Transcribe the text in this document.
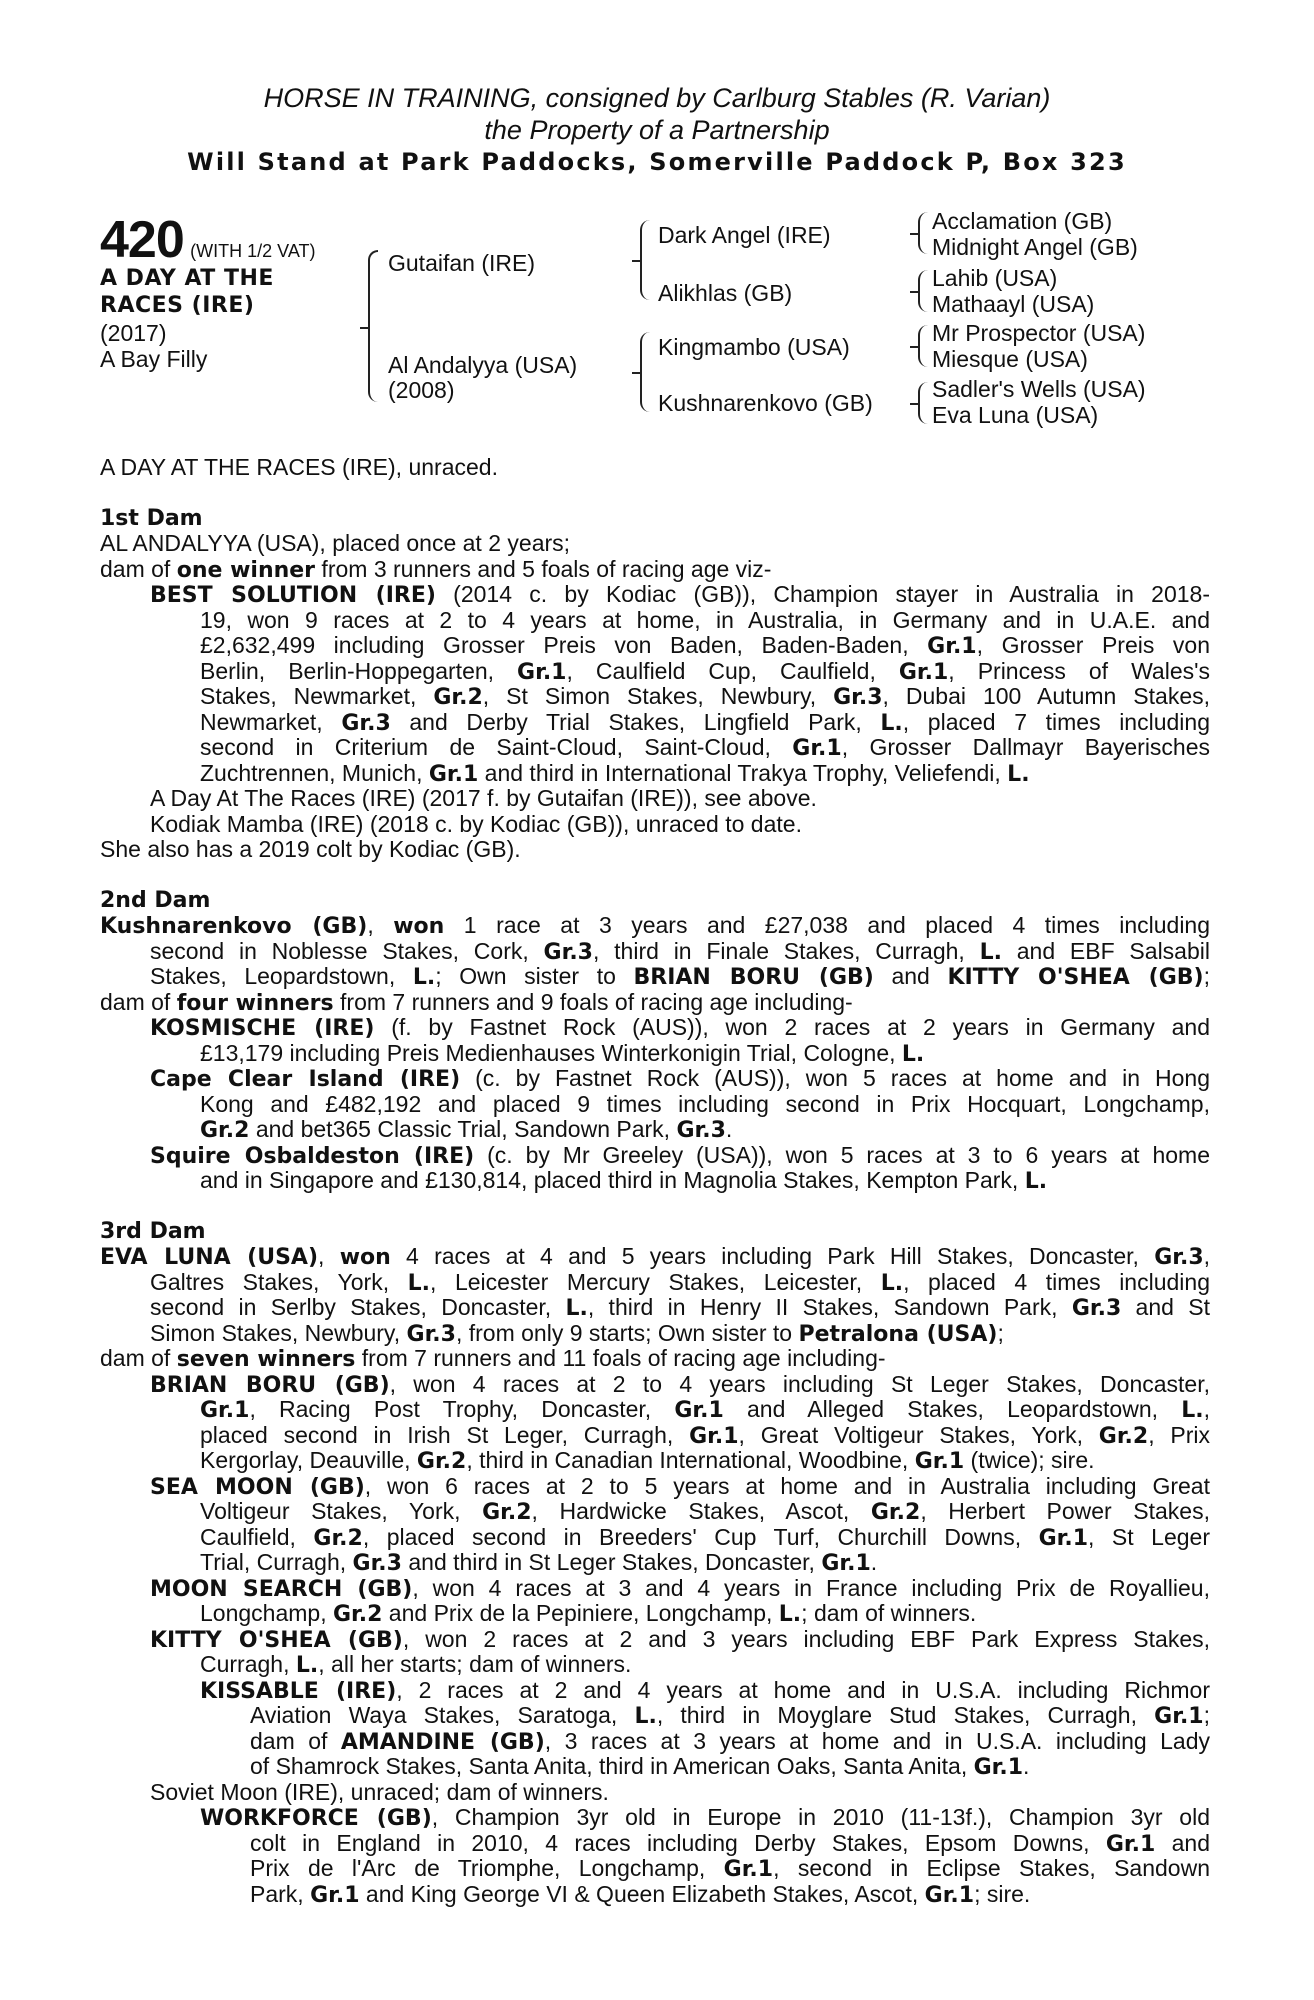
HORSE IN TRAINING, consigned by Carlburg Stables (R. Varian)
the Property of a Partnership
Will Stand at Park Paddocks, Somerville Paddock P, Box 323
420 (WITH 1/2 VAT)
A DAY AT THE
RACES (IRE)
(2017)
A Bay Filly
Gutaifan (IRE)
Al Andalyya (USA)
(2008)
Dark Angel (IRE)
Alikhlas (GB)
Kingmambo (USA)
Kushnarenkovo (GB)
Acclamation (GB)
Midnight Angel (GB)
Lahib (USA)
Mathaayl (USA)
Mr Prospector (USA)
Miesque (USA)
Sadler's Wells (USA)
Eva Luna (USA)
A DAY AT THE RACES (IRE), unraced.
1st Dam
AL ANDALYYA (USA), placed once at 2 years;
dam of one winner from 3 runners and 5 foals of racing age viz-
BEST SOLUTION (IRE) (2014 c. by Kodiac (GB)), Champion stayer in Australia in 2018-
19, won 9 races at 2 to 4 years at home, in Australia, in Germany and in U.A.E. and
£2,632,499 including Grosser Preis von Baden, Baden-Baden, Gr.1, Grosser Preis von
Berlin, Berlin-Hoppegarten, Gr.1, Caulfield Cup, Caulfield, Gr.1, Princess of Wales's
Stakes, Newmarket, Gr.2, St Simon Stakes, Newbury, Gr.3, Dubai 100 Autumn Stakes,
Newmarket, Gr.3 and Derby Trial Stakes, Lingfield Park, L., placed 7 times including
second in Criterium de Saint-Cloud, Saint-Cloud, Gr.1, Grosser Dallmayr Bayerisches
Zuchtrennen, Munich, Gr.1 and third in International Trakya Trophy, Veliefendi, L.
A Day At The Races (IRE) (2017 f. by Gutaifan (IRE)), see above.
Kodiak Mamba (IRE) (2018 c. by Kodiac (GB)), unraced to date.
She also has a 2019 colt by Kodiac (GB).
2nd Dam
Kushnarenkovo (GB), won 1 race at 3 years and £27,038 and placed 4 times including
second in Noblesse Stakes, Cork, Gr.3, third in Finale Stakes, Curragh, L. and EBF Salsabil
Stakes, Leopardstown, L.; Own sister to BRIAN BORU (GB) and KITTY O'SHEA (GB);
dam of four winners from 7 runners and 9 foals of racing age including-
KOSMISCHE (IRE) (f. by Fastnet Rock (AUS)), won 2 races at 2 years in Germany and
£13,179 including Preis Medienhauses Winterkonigin Trial, Cologne, L.
Cape Clear Island (IRE) (c. by Fastnet Rock (AUS)), won 5 races at home and in Hong
Kong and £482,192 and placed 9 times including second in Prix Hocquart, Longchamp,
Gr.2 and bet365 Classic Trial, Sandown Park, Gr.3.
Squire Osbaldeston (IRE) (c. by Mr Greeley (USA)), won 5 races at 3 to 6 years at home
and in Singapore and £130,814, placed third in Magnolia Stakes, Kempton Park, L.
3rd Dam
EVA LUNA (USA), won 4 races at 4 and 5 years including Park Hill Stakes, Doncaster, Gr.3,
Galtres Stakes, York, L., Leicester Mercury Stakes, Leicester, L., placed 4 times including
second in Serlby Stakes, Doncaster, L., third in Henry II Stakes, Sandown Park, Gr.3 and St
Simon Stakes, Newbury, Gr.3, from only 9 starts; Own sister to Petralona (USA);
dam of seven winners from 7 runners and 11 foals of racing age including-
BRIAN BORU (GB), won 4 races at 2 to 4 years including St Leger Stakes, Doncaster,
Gr.1, Racing Post Trophy, Doncaster, Gr.1 and Alleged Stakes, Leopardstown, L.,
placed second in Irish St Leger, Curragh, Gr.1, Great Voltigeur Stakes, York, Gr.2, Prix
Kergorlay, Deauville, Gr.2, third in Canadian International, Woodbine, Gr.1 (twice); sire.
SEA MOON (GB), won 6 races at 2 to 5 years at home and in Australia including Great
Voltigeur Stakes, York, Gr.2, Hardwicke Stakes, Ascot, Gr.2, Herbert Power Stakes,
Caulfield, Gr.2, placed second in Breeders' Cup Turf, Churchill Downs, Gr.1, St Leger
Trial, Curragh, Gr.3 and third in St Leger Stakes, Doncaster, Gr.1.
MOON SEARCH (GB), won 4 races at 3 and 4 years in France including Prix de Royallieu,
Longchamp, Gr.2 and Prix de la Pepiniere, Longchamp, L.; dam of winners.
KITTY O'SHEA (GB), won 2 races at 2 and 3 years including EBF Park Express Stakes,
Curragh, L., all her starts; dam of winners.
KISSABLE (IRE), 2 races at 2 and 4 years at home and in U.S.A. including Richmor
Aviation Waya Stakes, Saratoga, L., third in Moyglare Stud Stakes, Curragh, Gr.1;
dam of AMANDINE (GB), 3 races at 3 years at home and in U.S.A. including Lady
of Shamrock Stakes, Santa Anita, third in American Oaks, Santa Anita, Gr.1.
Soviet Moon (IRE), unraced; dam of winners.
WORKFORCE (GB), Champion 3yr old in Europe in 2010 (11-13f.), Champion 3yr old
colt in England in 2010, 4 races including Derby Stakes, Epsom Downs, Gr.1 and
Prix de l'Arc de Triomphe, Longchamp, Gr.1, second in Eclipse Stakes, Sandown
Park, Gr.1 and King George VI & Queen Elizabeth Stakes, Ascot, Gr.1; sire.
